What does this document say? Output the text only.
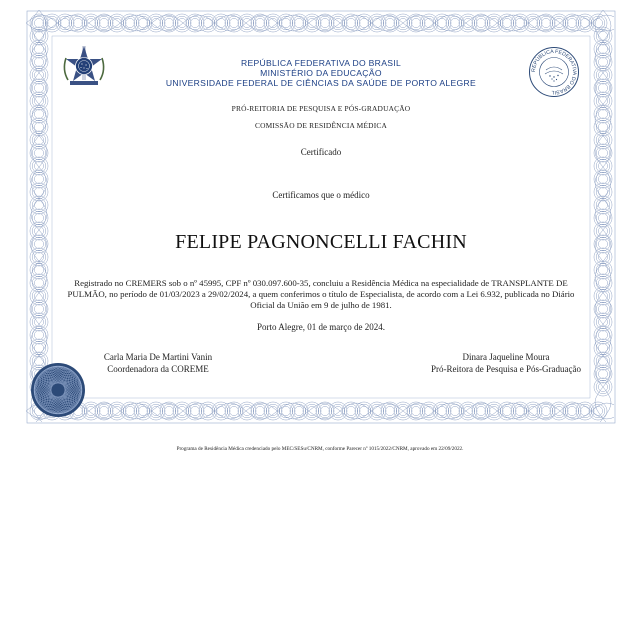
REPÚBLICA FEDERATIVA DO BRASIL
REPÚBLICA FEDERATIVA DO BRASIL
MINISTÉRIO DA EDUCAÇÃO
UNIVERSIDADE FEDERAL DE CIÊNCIAS DA SAÚDE DE PORTO ALEGRE
PRÓ-REITORIA DE PESQUISA E PÓS-GRADUAÇÃO
COMISSÃO DE RESIDÊNCIA MÉDICA
Certificado
Certificamos que o médico
FELIPE PAGNONCELLI FACHIN
Registrado no CREMERS sob o nº 45995, CPF nº 030.097.600-35, concluiu a Residência Médica na especialidade de TRANSPLANTE DE PULMÃO, no período de 01/03/2023 a 29/02/2024, a quem conferimos o título de Especialista, de acordo com a Lei 6.932, publicada no Diário Oficial da União em 9 de julho de 1981.
Porto Alegre, 01 de março de 2024.
Carla Maria De Martini Vanin
Coordenadora da COREME
Dinara Jaqueline Moura
Pró-Reitora de Pesquisa e Pós-Graduação
Programa de Residência Médica credenciado pelo MEC/SESu/CNRM, conforme Parecer nº 1015/2022/CNRM, aprovado em 22/09/2022.
